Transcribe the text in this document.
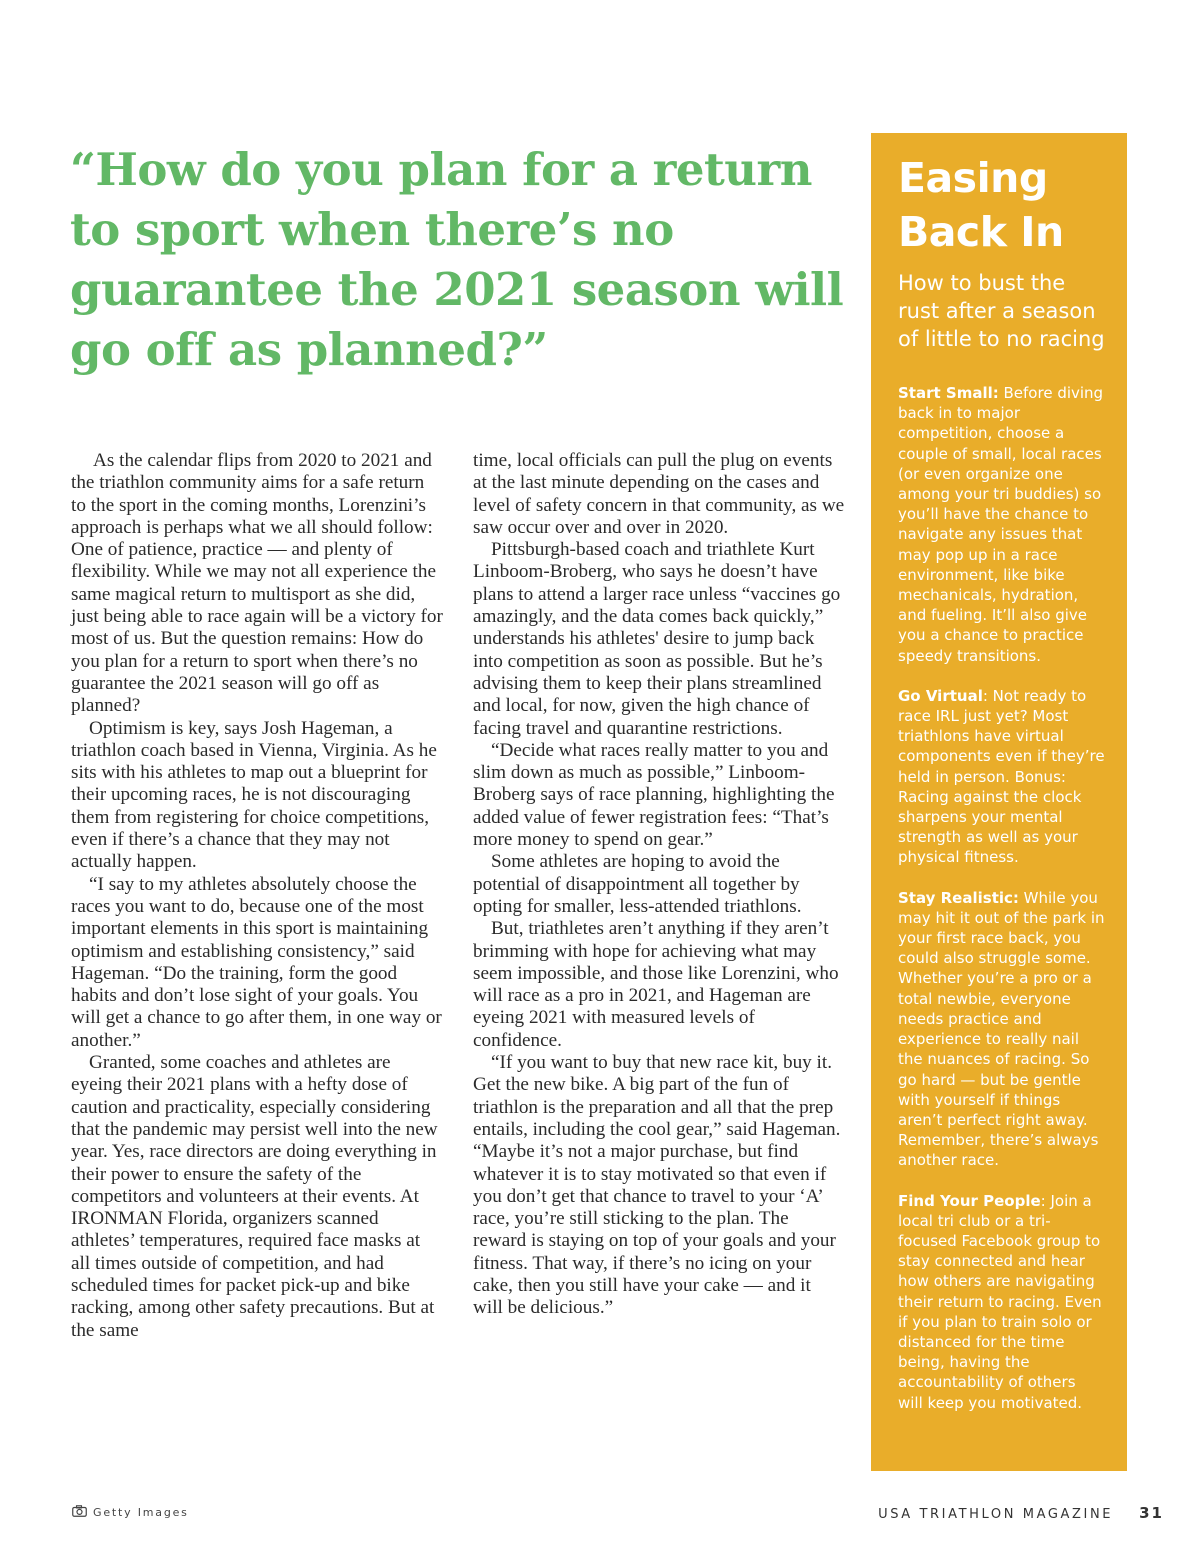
“How do you plan for a return to sport when there’s no guarantee the 2021 season will go off as planned?”

As the calendar flips from 2020 to 2021 and the triathlon community aims for a safe return to the sport in the coming months, Lorenzini’s approach is perhaps what we all should follow: One of patience, practice — and plenty of flexibility. While we may not all experience the same magical return to multisport as she did, just being able to race again will be a victory for most of us. But the question remains: How do you plan for a return to sport when there’s no guarantee the 2021 season will go off as planned?

Optimism is key, says Josh Hageman, a triathlon coach based in Vienna, Virginia. As he sits with his athletes to map out a blueprint for their upcoming races, he is not discouraging them from registering for choice competitions, even if there’s a chance that they may not actually happen.

“I say to my athletes absolutely choose the races you want to do, because one of the most important elements in this sport is maintaining optimism and establishing consistency,” said Hageman. “Do the training, form the good habits and don’t lose sight of your goals. You will get a chance to go after them, in one way or another.”

Granted, some coaches and athletes are eyeing their 2021 plans with a hefty dose of caution and practicality, especially considering that the pandemic may persist well into the new year. Yes, race directors are doing everything in their power to ensure the safety of the competitors and volunteers at their events. At IRONMAN Florida, organizers scanned athletes’ temperatures, required face masks at all times outside of competition, and had scheduled times for packet pick-up and bike racking, among other safety precautions. But at the same

time, local officials can pull the plug on events at the last minute depending on the cases and level of safety concern in that community, as we saw occur over and over in 2020.

Pittsburgh-based coach and triathlete Kurt Linboom-Broberg, who says he doesn’t have plans to attend a larger race unless “vaccines go amazingly, and the data comes back quickly,” understands his athletes' desire to jump back into competition as soon as possible. But he’s advising them to keep their plans streamlined and local, for now, given the high chance of facing travel and quarantine restrictions.

“Decide what races really matter to you and slim down as much as possible,” Linboom-Broberg says of race planning, highlighting the added value of fewer registration fees: “That’s more money to spend on gear.”

Some athletes are hoping to avoid the potential of disappointment all together by opting for smaller, less-attended triathlons.

But, triathletes aren’t anything if they aren’t brimming with hope for achieving what may seem impossible, and those like Lorenzini, who will race as a pro in 2021, and Hageman are eyeing 2021 with measured levels of confidence.

“If you want to buy that new race kit, buy it. Get the new bike. A big part of the fun of triathlon is the preparation and all that the prep entails, including the cool gear,” said Hageman. “Maybe it’s not a major purchase, but find whatever it is to stay motivated so that even if you don’t get that chance to travel to your ‘A’ race, you’re still sticking to the plan. The reward is staying on top of your goals and your fitness. That way, if there’s no icing on your cake, then you still have your cake — and it will be delicious.”

Easing
Back In

How to bust the rust after a season of little to no racing

Start Small: Before diving back in to major competition, choose a couple of small, local races (or even organize one among your tri buddies) so you’ll have the chance to navigate any issues that may pop up in a race environment, like bike mechanicals, hydration, and fueling. It’ll also give you a chance to practice speedy transitions.

Go Virtual: Not ready to race IRL just yet? Most triathlons have virtual components even if they’re held in person. Bonus: Racing against the clock sharpens your mental strength as well as your physical fitness.

Stay Realistic: While you may hit it out of the park in your first race back, you could also struggle some. Whether you’re a pro or a total newbie, everyone needs practice and experience to really nail the nuances of racing. So go hard — but be gentle with yourself if things aren’t perfect right away. Remember, there’s always another race.

Find Your People: Join a local tri club or a tri-focused Facebook group to stay connected and hear how others are navigating their return to racing. Even if you plan to train solo or distanced for the time being, having the accountability of others will keep you motivated.

Getty Images	USA TRIATHLON MAGAZINE 31
